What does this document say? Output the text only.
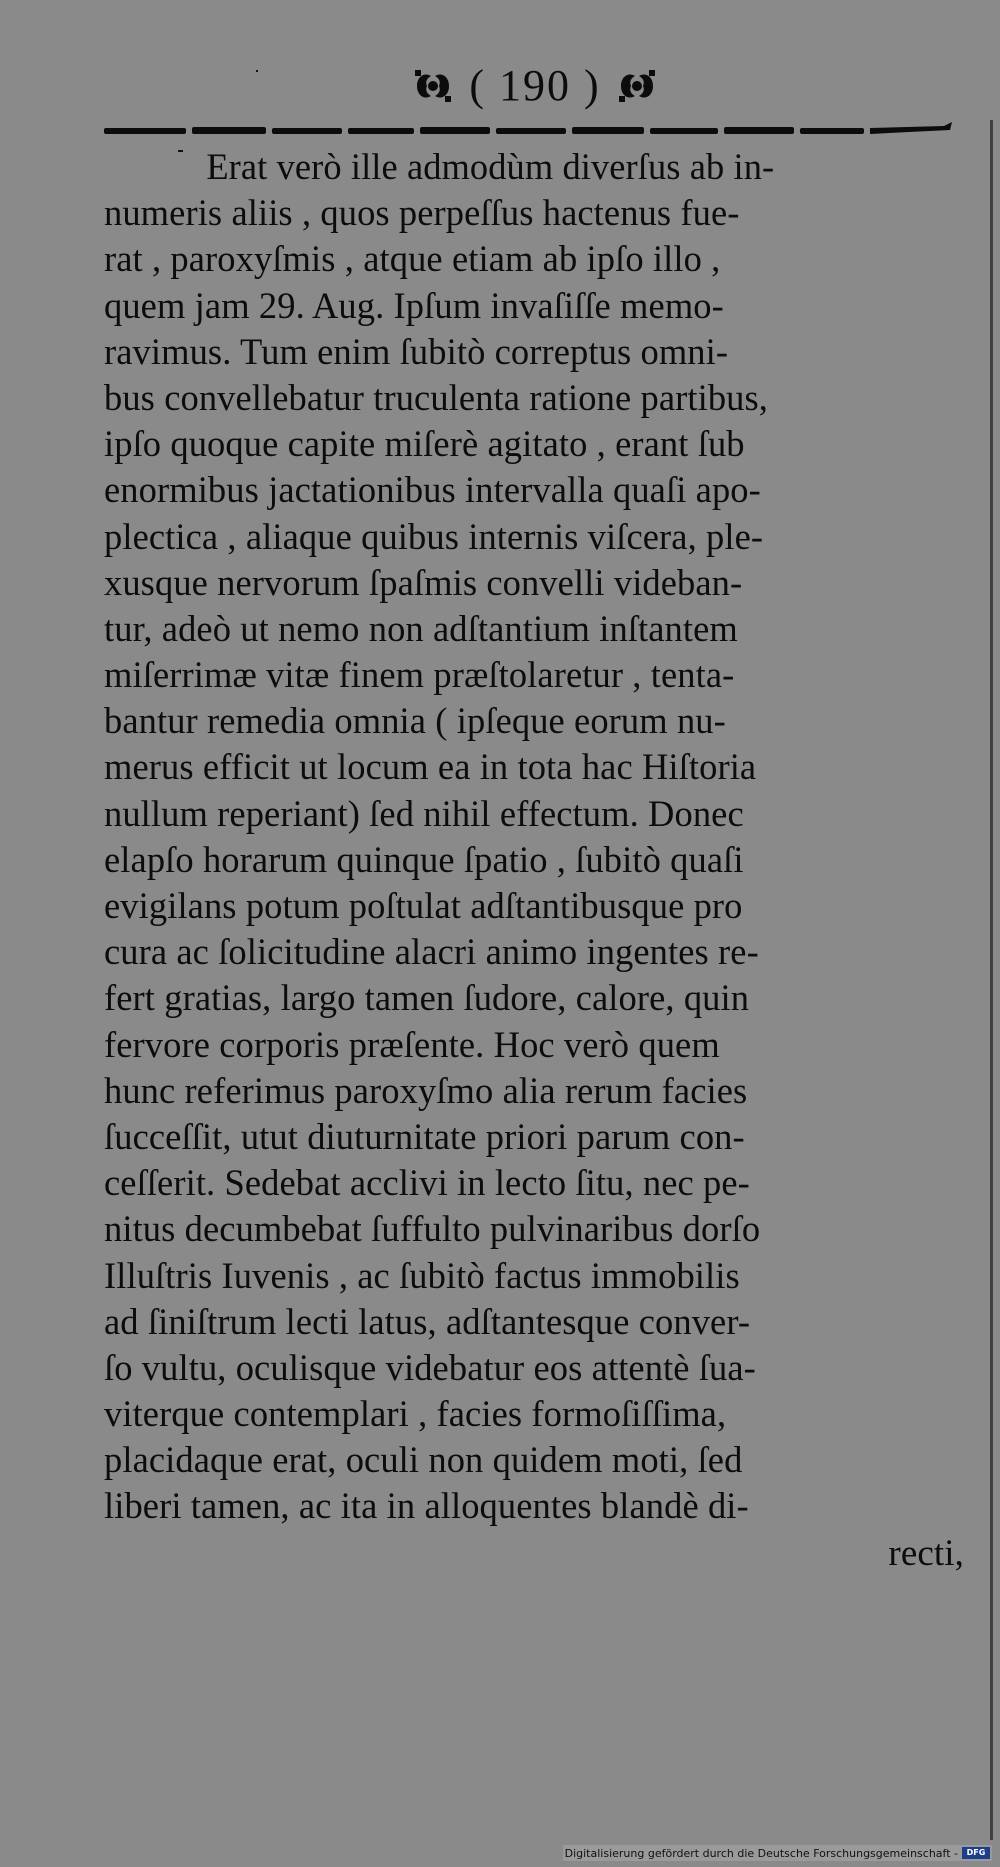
( 190 )
Erat verò ille admodùm diverſus ab in-
numeris aliis , quos perpeſſus hactenus fue-
rat , paroxyſmis , atque etiam ab ipſo illo ,
quem jam 29. Aug. Ipſum invaſiſſe memo-
ravimus. Tum enim ſubitò correptus omni-
bus convellebatur truculenta ratione partibus,
ipſo quoque capite miſerè agitato , erant ſub
enormibus jactationibus intervalla quaſi apo-
plectica , aliaque quibus internis viſcera, ple-
xusque nervorum ſpaſmis convelli videban-
tur, adeò ut nemo non adſtantium inſtantem
miſerrimæ vitæ finem præſtolaretur , tenta-
bantur remedia omnia ( ipſeque eorum nu-
merus efficit ut locum ea in tota hac Hiſtoria
nullum reperiant) ſed nihil effectum. Donec
elapſo horarum quinque ſpatio , ſubitò quaſi
evigilans potum poſtulat adſtantibusque pro
cura ac ſolicitudine alacri animo ingentes re-
fert gratias, largo tamen ſudore, calore, quin
fervore corporis præſente. Hoc verò quem
hunc referimus paroxyſmo alia rerum facies
ſucceſſit, utut diuturnitate priori parum con-
ceſſerit. Sedebat acclivi in lecto ſitu, nec pe-
nitus decumbebat ſuffulto pulvinaribus dorſo
Illuſtris Iuvenis , ac ſubitò factus immobilis
ad ſiniſtrum lecti latus, adſtantesque conver-
ſo vultu, oculisque videbatur eos attentè ſua-
viterque contemplari , facies formoſiſſima,
placidaque erat, oculi non quidem moti, ſed
liberi tamen, ac ita in alloquentes blandè di-
recti,
Digitalisierung gefördert durch die Deutsche Forschungsgemeinschaft -	DFG
